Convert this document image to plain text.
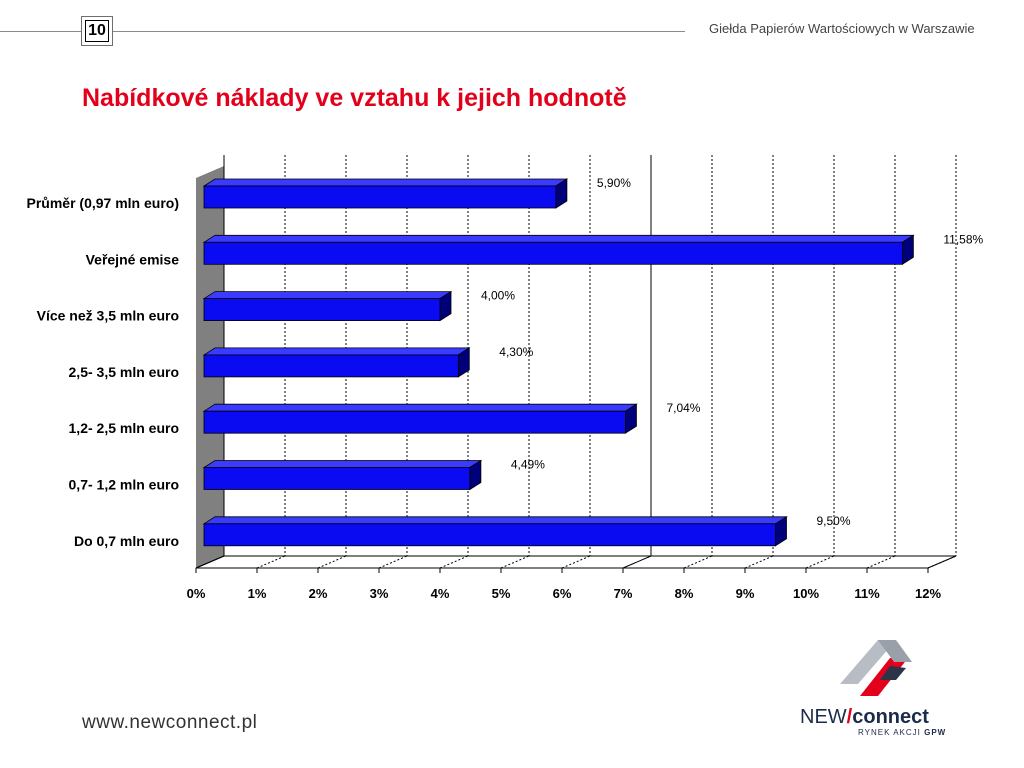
10	Giełda Papierów Wartościowych w Warszawie
Nabídkové náklady ve vztahu k jejich hodnotě
0%	1%	2%	3%	4%	5%	6%	7%	8%	9%	10%	11%	12%
5,90%
Průměr (0,97 mln euro)
11,58%
Veřejné emise
4,00%
Více než 3,5 mln euro
4,30%
2,5- 3,5 mln euro
7,04%
1,2- 2,5 mln euro
4,49%
0,7- 1,2 mln euro
9,50%
Do 0,7 mln euro
www.newconnect.pl	NEW/connect
RYNEK AKCJI GPW
